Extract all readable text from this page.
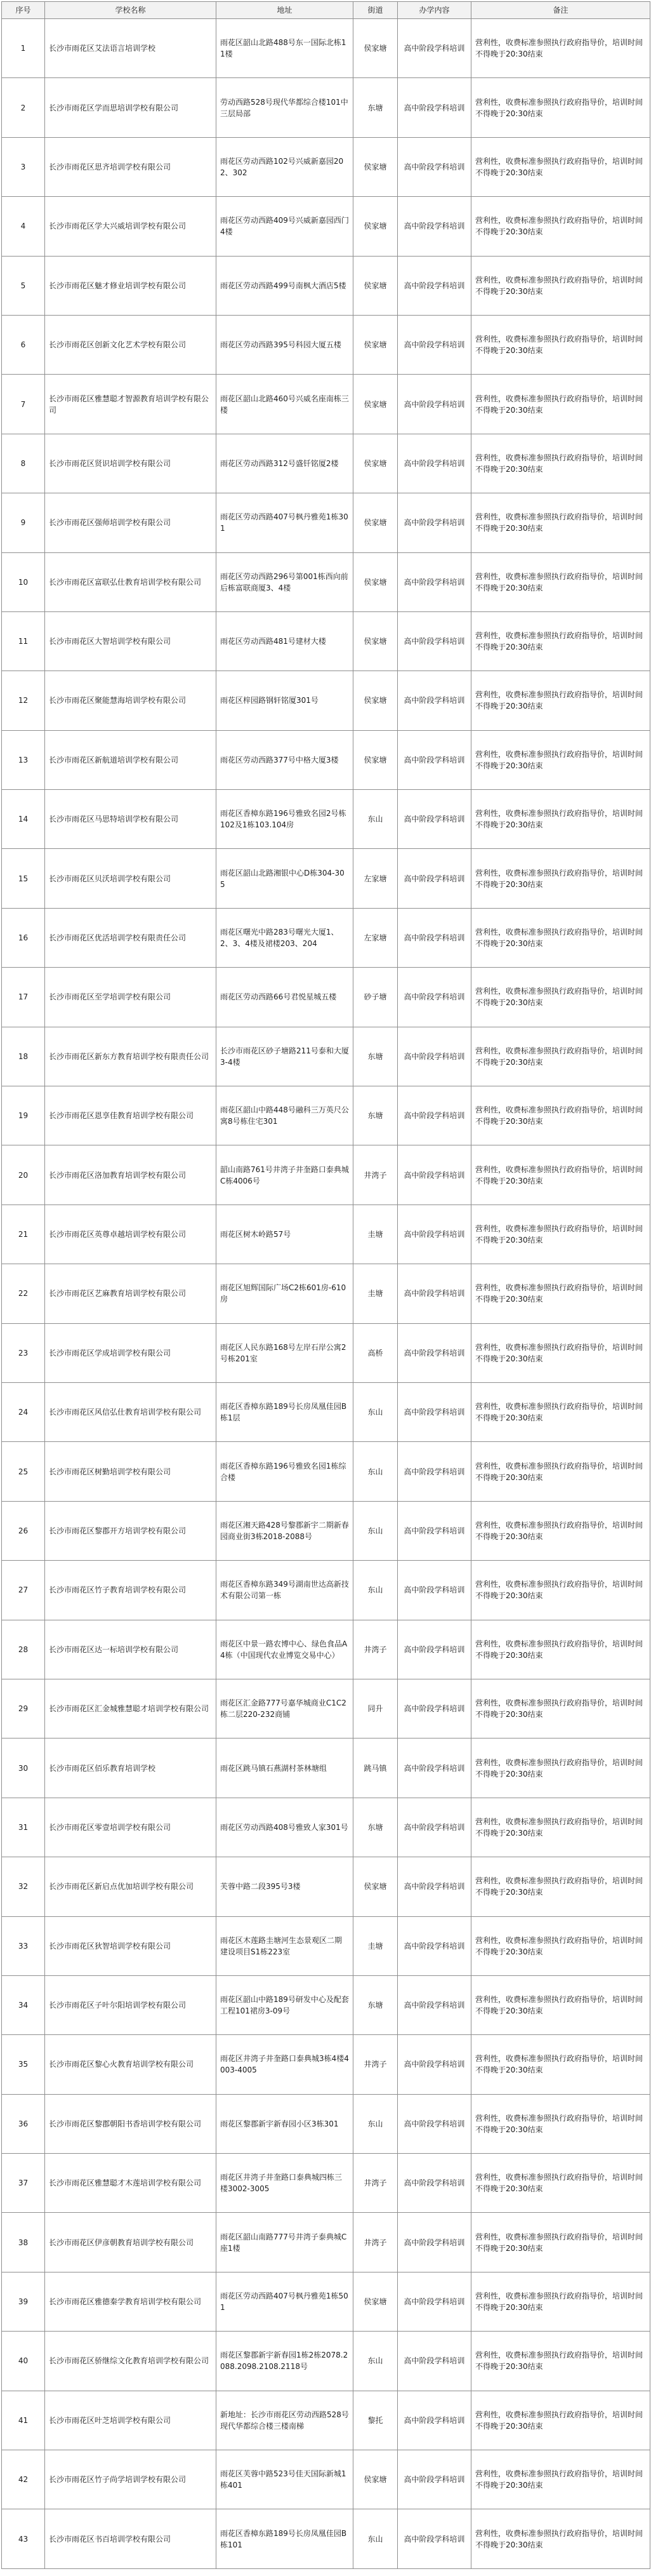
序号	学校名称	地址	街道	办学内容	备注
1	长沙市雨花区艾法语言培训学校	雨花区韶山北路488号东一国际北栋11楼	侯家塘	高中阶段学科培训	营利性，收费标准参照执行政府指导价，培训时间不得晚于20:30结束
2	长沙市雨花区学而思培训学校有限公司	劳动西路528号现代华都综合楼101中三层局部	东塘	高中阶段学科培训	营利性，收费标准参照执行政府指导价，培训时间不得晚于20:30结束
3	长沙市雨花区思齐培训学校有限公司	雨花区劳动西路102号兴威新嘉园202、302	侯家塘	高中阶段学科培训	营利性，收费标准参照执行政府指导价，培训时间不得晚于20:30结束
4	长沙市雨花区学大兴威培训学校有限公司	雨花区劳动西路409号兴威新嘉园西门4楼	侯家塘	高中阶段学科培训	营利性，收费标准参照执行政府指导价，培训时间不得晚于20:30结束
5	长沙市雨花区魅才修业培训学校有限公司	雨花区劳动西路499号南枫大酒店5楼	侯家塘	高中阶段学科培训	营利性，收费标准参照执行政府指导价，培训时间不得晚于20:30结束
6	长沙市雨花区创新文化艺术学校有限公司	雨花区劳动西路395号科园大厦五楼	侯家塘	高中阶段学科培训	营利性，收费标准参照执行政府指导价，培训时间不得晚于20:30结束
7	长沙市雨花区雅慧聪才智源教育培训学校有限公司	雨花区韶山北路460号兴威名座南栋三楼	侯家塘	高中阶段学科培训	营利性，收费标准参照执行政府指导价，培训时间不得晚于20:30结束
8	长沙市雨花区贤识培训学校有限公司	雨花区劳动西路312号盛钎铭厦2楼	侯家塘	高中阶段学科培训	营利性，收费标准参照执行政府指导价，培训时间不得晚于20:30结束
9	长沙市雨花区强师培训学校有限公司	雨花区劳动西路407号枫丹雅苑1栋301	侯家塘	高中阶段学科培训	营利性，收费标准参照执行政府指导价，培训时间不得晚于20:30结束
10	长沙市雨花区富联弘仕教育培训学校有限公司	雨花区劳动西路296号第001栋西向前后栋富联商厦3、4楼	侯家塘	高中阶段学科培训	营利性，收费标准参照执行政府指导价，培训时间不得晚于20:30结束
11	长沙市雨花区大智培训学校有限公司	雨花区劳动西路481号建材大楼	侯家塘	高中阶段学科培训	营利性，收费标准参照执行政府指导价，培训时间不得晚于20:30结束
12	长沙市雨花区聚能慧海培训学校有限公司	雨花区梓园路钢轩铭厦301号	侯家塘	高中阶段学科培训	营利性，收费标准参照执行政府指导价，培训时间不得晚于20:30结束
13	长沙市雨花区新航道培训学校有限公司	雨花区劳动西路377号中格大厦3楼	侯家塘	高中阶段学科培训	营利性，收费标准参照执行政府指导价，培训时间不得晚于20:30结束
14	长沙市雨花区马思特培训学校有限公司	雨花区香樟东路196号雅致名园2号栋102及1栋103.104房	东山	高中阶段学科培训	营利性，收费标准参照执行政府指导价，培训时间不得晚于20:30结束
15	长沙市雨花区贝沃培训学校有限公司	雨花区韶山北路湘银中心D栋304-305	左家塘	高中阶段学科培训	营利性，收费标准参照执行政府指导价，培训时间不得晚于20:30结束
16	长沙市雨花区优活培训学校有限责任公司	雨花区曙光中路283号曙光大厦1、2、3、4楼及裙楼203、204	左家塘	高中阶段学科培训	营利性，收费标准参照执行政府指导价，培训时间不得晚于20:30结束
17	长沙市雨花区至学培训学校有限公司	雨花区劳动西路66号君悦星城五楼	砂子塘	高中阶段学科培训	营利性，收费标准参照执行政府指导价，培训时间不得晚于20:30结束
18	长沙市雨花区新东方教育培训学校有限责任公司	长沙市雨花区砂子塘路211号泰和大厦3-4楼	东塘	高中阶段学科培训	营利性，收费标准参照执行政府指导价，培训时间不得晚于20:30结束
19	长沙市雨花区恩享佳教育培训学校有限公司	雨花区韶山中路448号融科三万英尺公寓8号栋住宅301	东塘	高中阶段学科培训	营利性，收费标准参照执行政府指导价，培训时间不得晚于20:30结束
20	长沙市雨花区洛加教育培训学校有限公司	韶山南路761号井湾子井奎路口泰典城C栋4006号	井湾子	高中阶段学科培训	营利性，收费标准参照执行政府指导价，培训时间不得晚于20:30结束
21	长沙市雨花区英尊卓越培训学校有限公司	雨花区树木岭路57号	圭塘	高中阶段学科培训	营利性，收费标准参照执行政府指导价，培训时间不得晚于20:30结束
22	长沙市雨花区艺麻教育培训学校有限公司	雨花区旭辉国际广场C2栋601房-610房	圭塘	高中阶段学科培训	营利性，收费标准参照执行政府指导价，培训时间不得晚于20:30结束
23	长沙市雨花区学成培训学校有限公司	雨花区人民东路168号左岸石岸公寓2号栋201室	高桥	高中阶段学科培训	营利性，收费标准参照执行政府指导价，培训时间不得晚于20:30结束
24	长沙市雨花区风信弘仕教育培训学校有限公司	雨花区香樟东路189号长房凤凰佳园B栋1层	东山	高中阶段学科培训	营利性，收费标准参照执行政府指导价，培训时间不得晚于20:30结束
25	长沙市雨花区树勤培训学校有限公司	雨花区香樟东路196号雅致名园1栋综合楼	东山	高中阶段学科培训	营利性，收费标准参照执行政府指导价，培训时间不得晚于20:30结束
26	长沙市雨花区黎郡开方培训学校有限公司	雨花区湘天路428号黎郡新宇二期新春园商业街3栋2018-2088号	东山	高中阶段学科培训	营利性，收费标准参照执行政府指导价，培训时间不得晚于20:30结束
27	长沙市雨花区竹子教育培训学校有限公司	雨花区香樟东路349号湖南世达高新技术有限公司第一栋	东山	高中阶段学科培训	营利性，收费标准参照执行政府指导价，培训时间不得晚于20:30结束
28	长沙市雨花区达一标培训学校有限公司	雨花区中景一路农博中心、绿色食品A4栋（中国现代农业博览交易中心）	井湾子	高中阶段学科培训	营利性，收费标准参照执行政府指导价，培训时间不得晚于20:30结束
29	长沙市雨花区汇金城雅慧聪才培训学校有限公司	雨花区汇金路777号嘉华城商业C1C2栋二层220-232商铺	同升	高中阶段学科培训	营利性，收费标准参照执行政府指导价，培训时间不得晚于20:30结束
30	长沙市雨花区佰乐教育培训学校	雨花区跳马镇石燕湖村茶林塘组	跳马镇	高中阶段学科培训	营利性，收费标准参照执行政府指导价，培训时间不得晚于20:30结束
31	长沙市雨花区零壹培训学校有限公司	雨花区劳动西路408号雅致人家301号	东塘	高中阶段学科培训	营利性，收费标准参照执行政府指导价，培训时间不得晚于20:30结束
32	长沙市雨花区新启点优加培训学校有限公司	芙蓉中路二段395号3楼	侯家塘	高中阶段学科培训	营利性，收费标准参照执行政府指导价，培训时间不得晚于20:30结束
33	长沙市雨花区狄智培训学校有限公司	雨花区木莲路圭塘河生态景观区二期建设项目S1栋223室	圭塘	高中阶段学科培训	营利性，收费标准参照执行政府指导价，培训时间不得晚于20:30结束
34	长沙市雨花区子叶尔阳培训学校有限公司	雨花区韶山中路189号研发中心及配套工程101裙房3-09号	东塘	高中阶段学科培训	营利性，收费标准参照执行政府指导价，培训时间不得晚于20:30结束
35	长沙市雨花区黎心火教育培训学校有限公司	雨花区井湾子井奎路口泰典城3栋4楼4003-4005	井湾子	高中阶段学科培训	营利性，收费标准参照执行政府指导价，培训时间不得晚于20:30结束
36	长沙市雨花区黎郡朝阳书香培训学校有限公司	雨花区黎郡新宇新春园小区3栋301	东山	高中阶段学科培训	营利性，收费标准参照执行政府指导价，培训时间不得晚于20:30结束
37	长沙市雨花区雅慧聪才木莲培训学校有限公司	雨花区井湾子井奎路口泰典城四栋三楼3002-3005	井湾子	高中阶段学科培训	营利性，收费标准参照执行政府指导价，培训时间不得晚于20:30结束
38	长沙市雨花区伊彦朝教育培训学校有限公司	雨花区韶山南路777号井湾子泰典城C座1楼	井湾子	高中阶段学科培训	营利性，收费标准参照执行政府指导价，培训时间不得晚于20:30结束
39	长沙市雨花区雅德秦学教育培训学校有限公司	雨花区劳动西路407号枫丹雅苑1栋501	侯家塘	高中阶段学科培训	营利性，收费标准参照执行政府指导价，培训时间不得晚于20:30结束
40	长沙市雨花区骄继综文化教育培训学校有限公司	雨花区黎郡新宇新春园1栋2栋2078.2088.2098.2108.2118号	东山	高中阶段学科培训	营利性，收费标准参照执行政府指导价，培训时间不得晚于20:30结束
41	长沙市雨花区叶芝培训学校有限公司	新地址：长沙市雨花区劳动西路528号现代华都综合楼三楼南梯	黎托	高中阶段学科培训	营利性，收费标准参照执行政府指导价，培训时间不得晚于20:30结束
42	长沙市雨花区竹子尚学培训学校有限公司	雨花区芙蓉中路523号佳天国际新城1栋401	侯家塘	高中阶段学科培训	营利性，收费标准参照执行政府指导价，培训时间不得晚于20:30结束
43	长沙市雨花区书百培训学校有限公司	雨花区香樟东路189号长房凤凰佳园B栋101	东山	高中阶段学科培训	营利性，收费标准参照执行政府指导价，培训时间不得晚于20:30结束
